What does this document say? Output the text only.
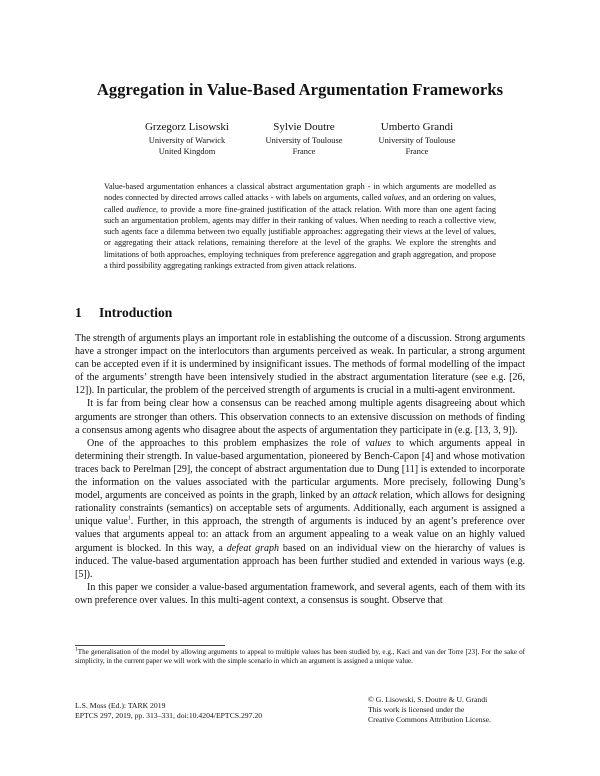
Aggregation in Value-Based Argumentation Frameworks
Grzegorz Lisowski
University of Warwick
United Kingdom
Sylvie Doutre
University of Toulouse
France
Umberto Grandi
University of Toulouse
France
Value-based argumentation enhances a classical abstract argumentation graph - in which arguments are modelled as nodes connected by directed arrows called attacks - with labels on arguments, called values, and an ordering on values, called audience, to provide a more fine-grained justification of the attack relation. With more than one agent facing such an argumentation problem, agents may differ in their ranking of values. When needing to reach a collective view, such agents face a dilemma between two equally justifiable approaches: aggregating their views at the level of values, or aggregating their attack relations, remaining therefore at the level of the graphs. We explore the strenghts and limitations of both approaches, employing techniques from preference aggregation and graph aggregation, and propose a third possibility aggregating rankings extracted from given attack relations.
1 Introduction

The strength of arguments plays an important role in establishing the outcome of a discussion. Strong arguments have a stronger impact on the interlocutors than arguments perceived as weak. In particular, a strong argument can be accepted even if it is undermined by insignificant issues. The methods of formal modelling of the impact of the arguments’ strength have been intensively studied in the abstract argumentation literature (see e.g. [26, 12]). In particular, the problem of the perceived strength of arguments is crucial in a multi-agent environment.

It is far from being clear how a consensus can be reached among multiple agents disagreeing about which arguments are stronger than others. This observation connects to an extensive discussion on methods of finding a consensus among agents who disagree about the aspects of argumentation they participate in (e.g. [13, 3, 9]).

One of the approaches to this problem emphasizes the role of values to which arguments appeal in determining their strength. In value-based argumentation, pioneered by Bench-Capon [4] and whose motivation traces back to Perelman [29], the concept of abstract argumentation due to Dung [11] is extended to incorporate the information on the values associated with the particular arguments. More precisely, following Dung’s model, arguments are conceived as points in the graph, linked by an attack relation, which allows for designing rationality constraints (semantics) on acceptable sets of arguments. Additionally, each argument is assigned a unique value$^1$. Further, in this approach, the strength of arguments is induced by an agent’s preference over values that arguments appeal to: an attack from an argument appealing to a weak value on an highly valued argument is blocked. In this way, a defeat graph based on an individual view on the hierarchy of values is induced. The value-based argumentation approach has been further studied and extended in various ways (e.g. [5]).

In this paper we consider a value-based argumentation framework, and several agents, each of them with its own preference over values. In this multi-agent context, a consensus is sought. Observe that

$^1$The generalisation of the model by allowing arguments to appeal to multiple values has been studied by, e.g., Kaci and van der Torre [23]. For the sake of simplicity, in the current paper we will work with the simple scenario in which an argument is assigned a unique value.
L.S. Moss (Ed.): TARK 2019
EPTCS 297, 2019, pp. 313–331, doi:10.4204/EPTCS.297.20
© G. Lisowski, S. Doutre & U. Grandi
This work is licensed under the
Creative Commons Attribution License.
